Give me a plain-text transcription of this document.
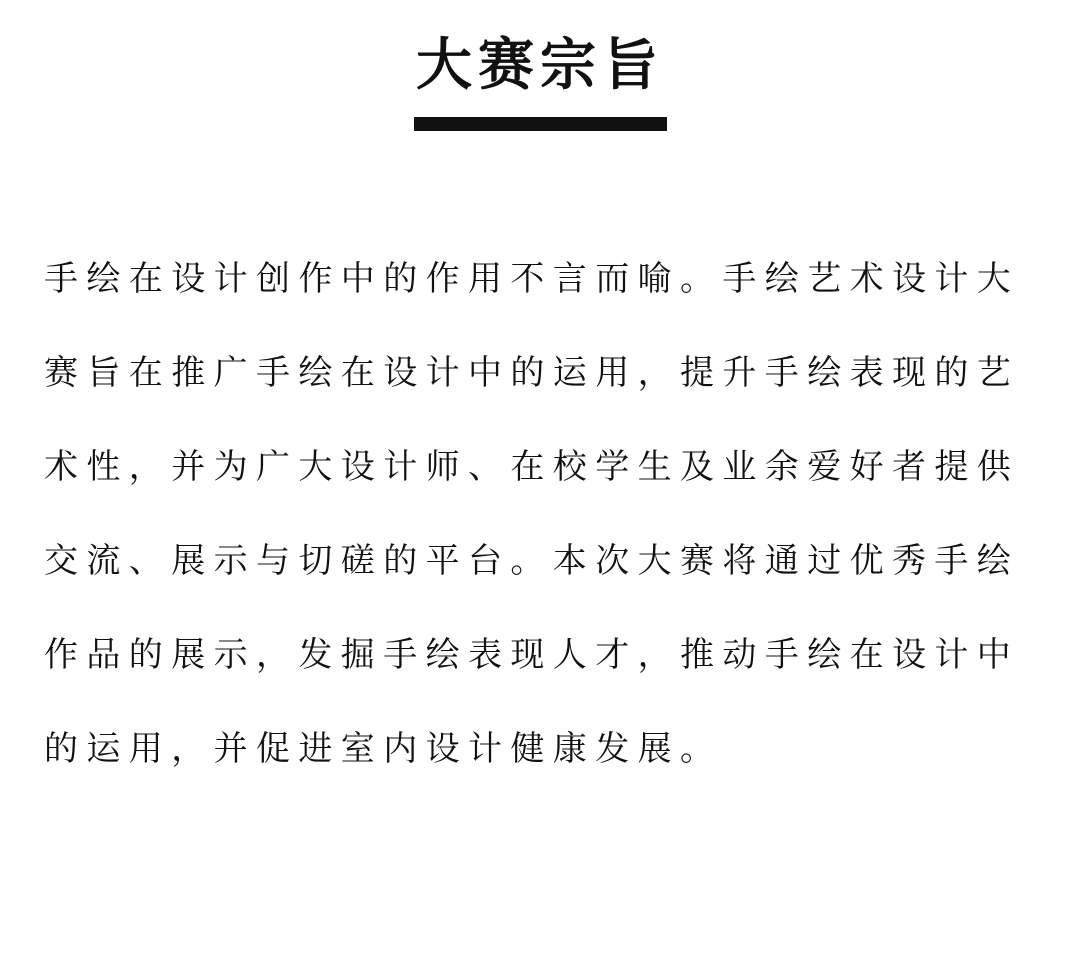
大赛宗旨
手绘在设计创作中的作用不言而喻。手绘艺术设计大
赛旨在推广手绘在设计中的运用，提升手绘表现的艺
术性，并为广大设计师、在校学生及业余爱好者提供
交流、展示与切磋的平台。本次大赛将通过优秀手绘
作品的展示，发掘手绘表现人才，推动手绘在设计中
的运用，并促进室内设计健康发展。
